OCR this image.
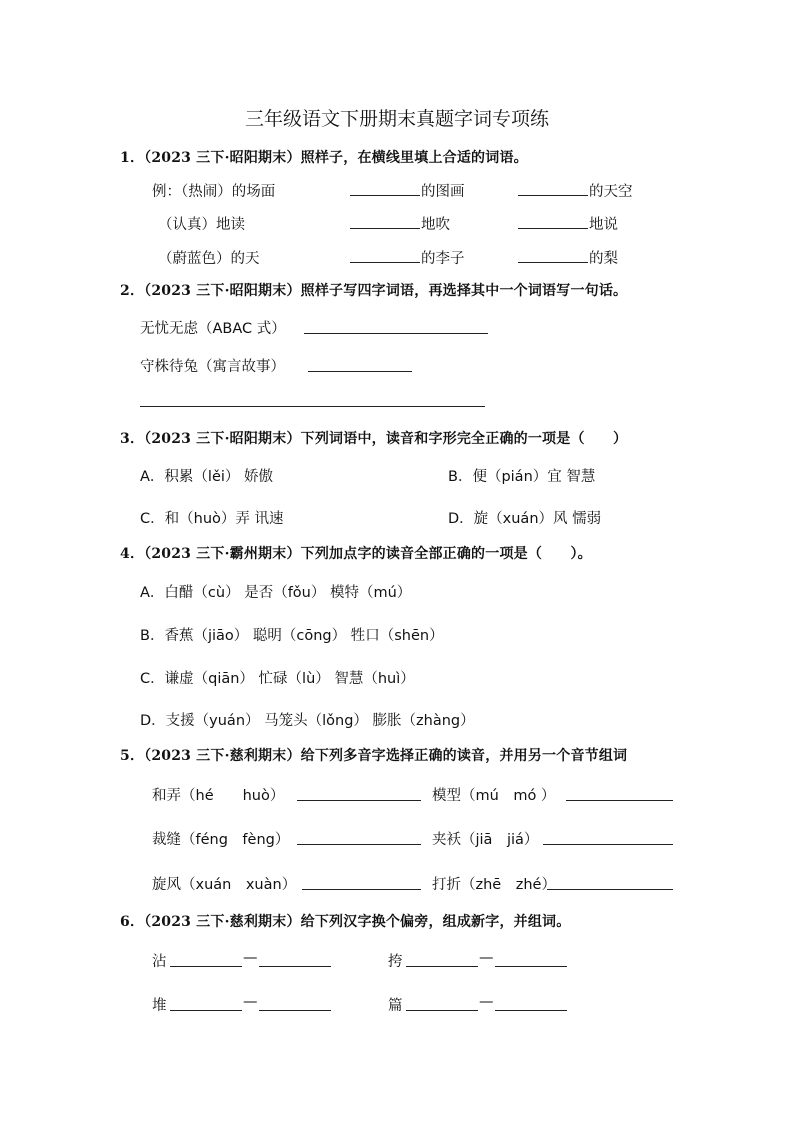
三年级语文下册期末真题字词专项练
1．（2023 三下·昭阳期末）照样子，在横线里填上合适的词语。
例：（热闹）的场面	的图画	的天空
（认真）地读	地吹	地说
（蔚蓝色）的天	的李子	的梨
2．（2023 三下·昭阳期末）照样子写四字词语，再选择其中一个词语写一句话。
无忧无虑（ABAC 式）
守株待兔（寓言故事）
3．（2023 三下·昭阳期末）下列词语中，读音和字形完全正确的一项是（　　）
A．积累（lěi） 娇傲	B．便（pián）宜 智慧
C．和（huò）弄 讯速	D．旋（xuán）风 懦弱
4．（2023 三下·霸州期末）下列加点字的读音全部正确的一项是（　　）。
A．白醋（cù） 是否（fǒu） 模特（mú）
B．香蕉（jiāo） 聪明（cōng） 牲口（shēn）
C．谦虚（qiān） 忙碌（lù） 智慧（huì）
D．支援（yuán） 马笼头（lǒng） 膨胀（zhàng）
5．（2023 三下·慈利期末）给下列多音字选择正确的读音，并用另一个音节组词
和弄（hé　　huò）	模型（mú　mó ）
裁缝（féng　fèng）	夹袄（jiā　jiá）
旋风（xuán　xuàn）	打折（zhē　zhé）
6．（2023 三下·慈利期末）给下列汉字换个偏旁，组成新字，并组词。
沾	—	挎	—
堆	—	篇	—
